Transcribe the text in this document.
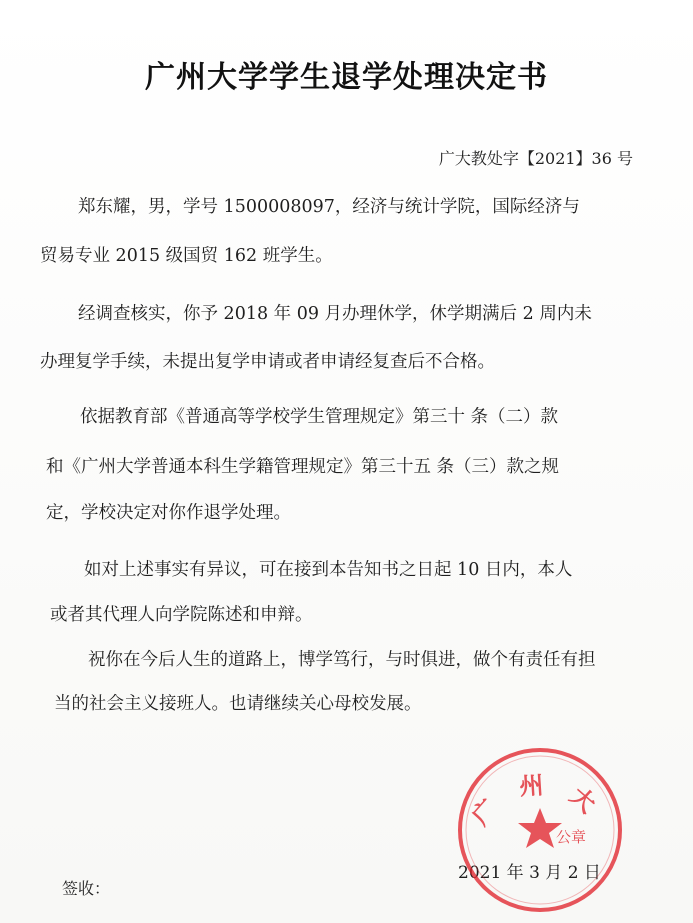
广州大学学生退学处理决定书
广大教处字【2021】36 号
郑东耀，男，学号 1500008097，经济与统计学院，国际经济与
贸易专业 2015 级国贸 162 班学生。
经调查核实，你予 2018 年 09 月办理休学，休学期满后 2 周内未
办理复学手续，未提出复学申请或者申请经复查后不合格。
依据教育部《普通高等学校学生管理规定》第三十 条（二）款
和《广州大学普通本科生学籍管理规定》第三十五 条（三）款之规
定，学校决定对你作退学处理。
如对上述事实有异议，可在接到本告知书之日起 10 日内，本人
或者其代理人向学院陈述和申辩。
祝你在今后人生的道路上，博学笃行，与时俱进，做个有责任有担
当的社会主义接班人。也请继续关心母校发展。
2021 年 3 月 2 日
签收：
广 州 大
公章
